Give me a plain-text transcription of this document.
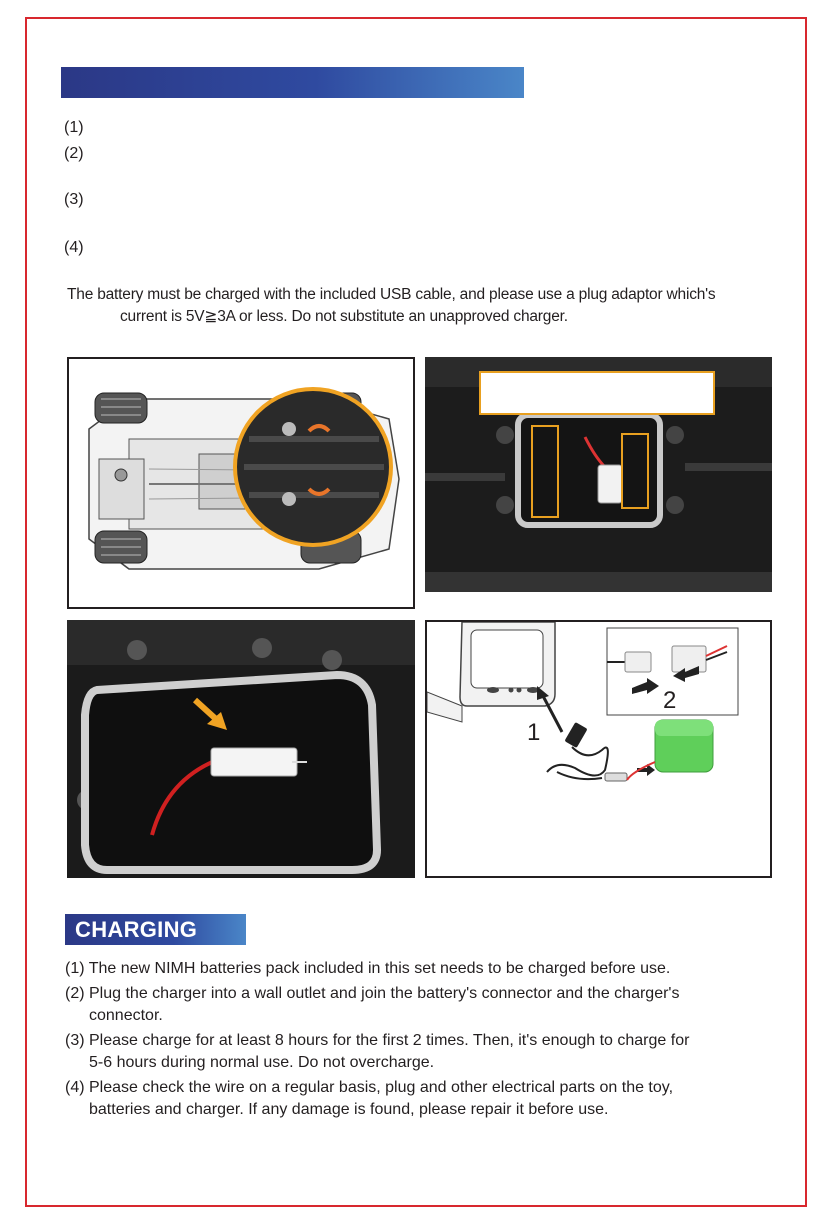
(1)
(2)
(3)
(4)
The battery must be charged with the included USB cable, and please use a plug adaptor which's
current is 5V≧3A or less. Do not substitute an unapproved charger.
1
2
CHARGING
(1) The new NIMH batteries pack included in this set needs to be charged before use.
(2) Plug the charger into a wall outlet and join the battery's connector and the charger's
connector.
(3) Please charge for at least 8 hours for the first 2 times. Then, it's enough to charge for
5-6 hours during normal use. Do not overcharge.
(4) Please check the wire on a regular basis, plug and other electrical parts on the toy,
batteries and charger. If any damage is found, please repair it before use.
